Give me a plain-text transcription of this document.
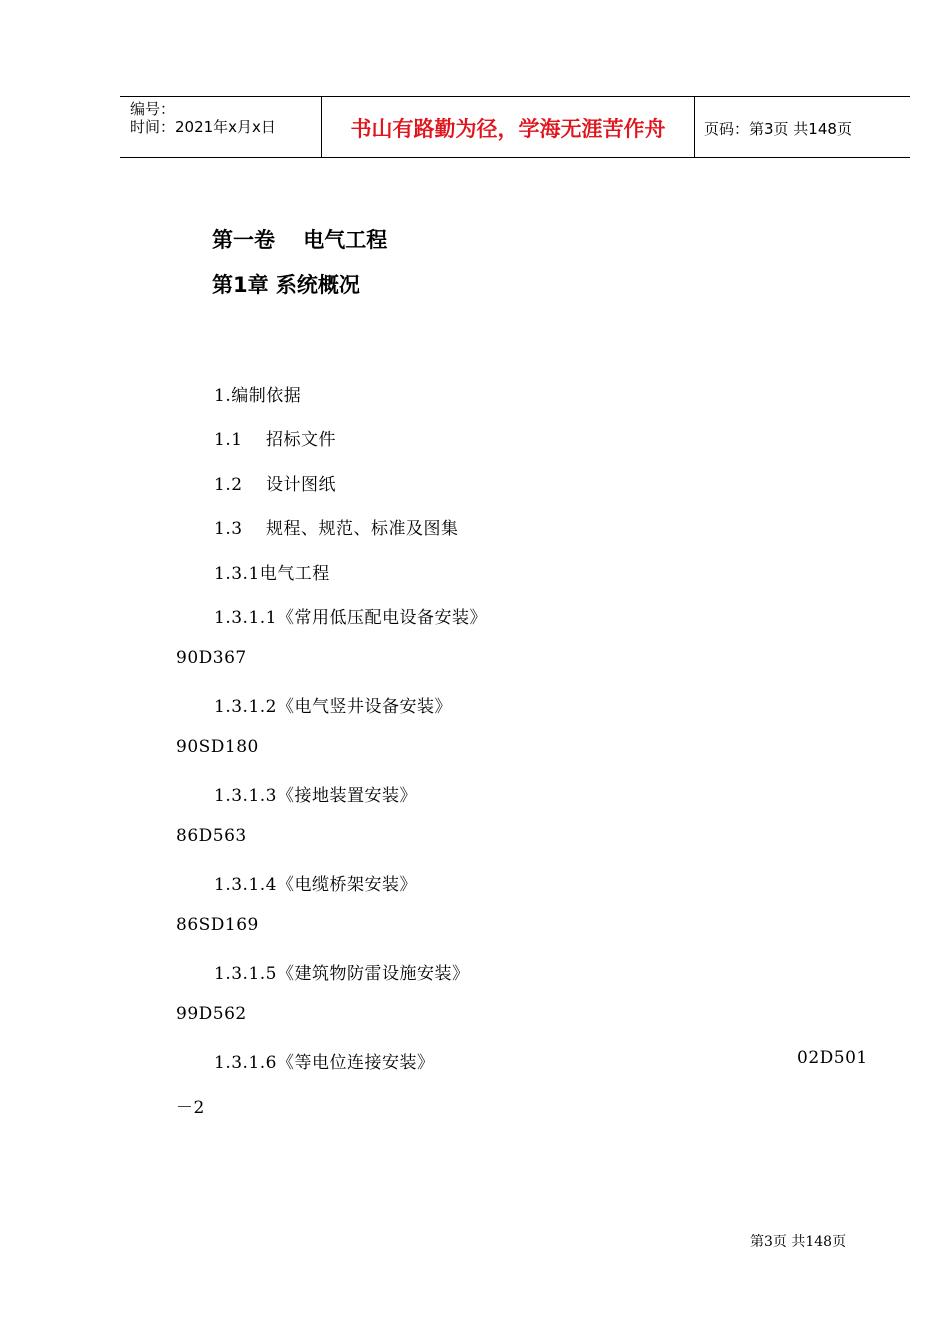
编号：
时间：2021年x月x日	书山有路勤为径，学海无涯苦作舟	页码：第3页 共148页
第一卷　 电气工程
第1章 系统概况
1.编制依据
1.1　 招标文件
1.2　 设计图纸
1.3　 规程、规范、标准及图集
1.3.1电气工程
1.3.1.1《常用低压配电设备安装》
90D367
1.3.1.2《电气竖井设备安装》
90SD180
1.3.1.3《接地装置安装》
86D563
1.3.1.4《电缆桥架安装》
86SD169
1.3.1.5《建筑物防雷设施安装》
99D562
1.3.1.6《等电位连接安装》	02D501
－2
第3页 共148页
